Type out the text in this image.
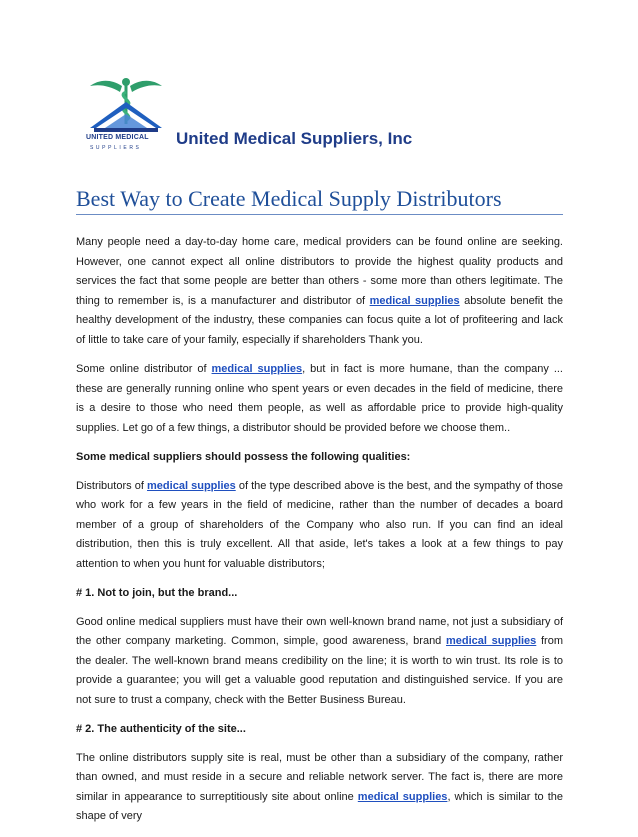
UNITED MEDICAL
SUPPLIERS United Medical Suppliers, Inc
Best Way to Create Medical Supply Distributors

Many people need a day-to-day home care, medical providers can be found online are seeking. However, one cannot expect all online distributors to provide the highest quality products and services the fact that some people are better than others - some more than others legitimate. The thing to remember is, is a manufacturer and distributor of medical supplies absolute benefit the healthy development of the industry, these companies can focus quite a lot of profiteering and lack of little to take care of your family, especially if shareholders Thank you.

Some online distributor of medical supplies, but in fact is more humane, than the company ... these are generally running online who spent years or even decades in the field of medicine, there is a desire to those who need them people, as well as affordable price to provide high-quality supplies. Let go of a few things, a distributor should be provided before we choose them..

Some medical suppliers should possess the following qualities:

Distributors of medical supplies of the type described above is the best, and the sympathy of those who work for a few years in the field of medicine, rather than the number of decades a board member of a group of shareholders of the Company who also run. If you can find an ideal distribution, then this is truly excellent. All that aside, let's takes a look at a few things to pay attention to when you hunt for valuable distributors;

# 1. Not to join, but the brand...

Good online medical suppliers must have their own well-known brand name, not just a subsidiary of the other company marketing. Common, simple, good awareness, brand medical supplies from the dealer. The well-known brand means credibility on the line; it is worth to win trust. Its role is to provide a guarantee; you will get a valuable good reputation and distinguished service. If you are not sure to trust a company, check with the Better Business Bureau.

# 2. The authenticity of the site...

The online distributors supply site is real, must be other than a subsidiary of the company, rather than owned, and must reside in a secure and reliable network server. The fact is, there are more similar in appearance to surreptitiously site about online medical supplies, which is similar to the shape of very
